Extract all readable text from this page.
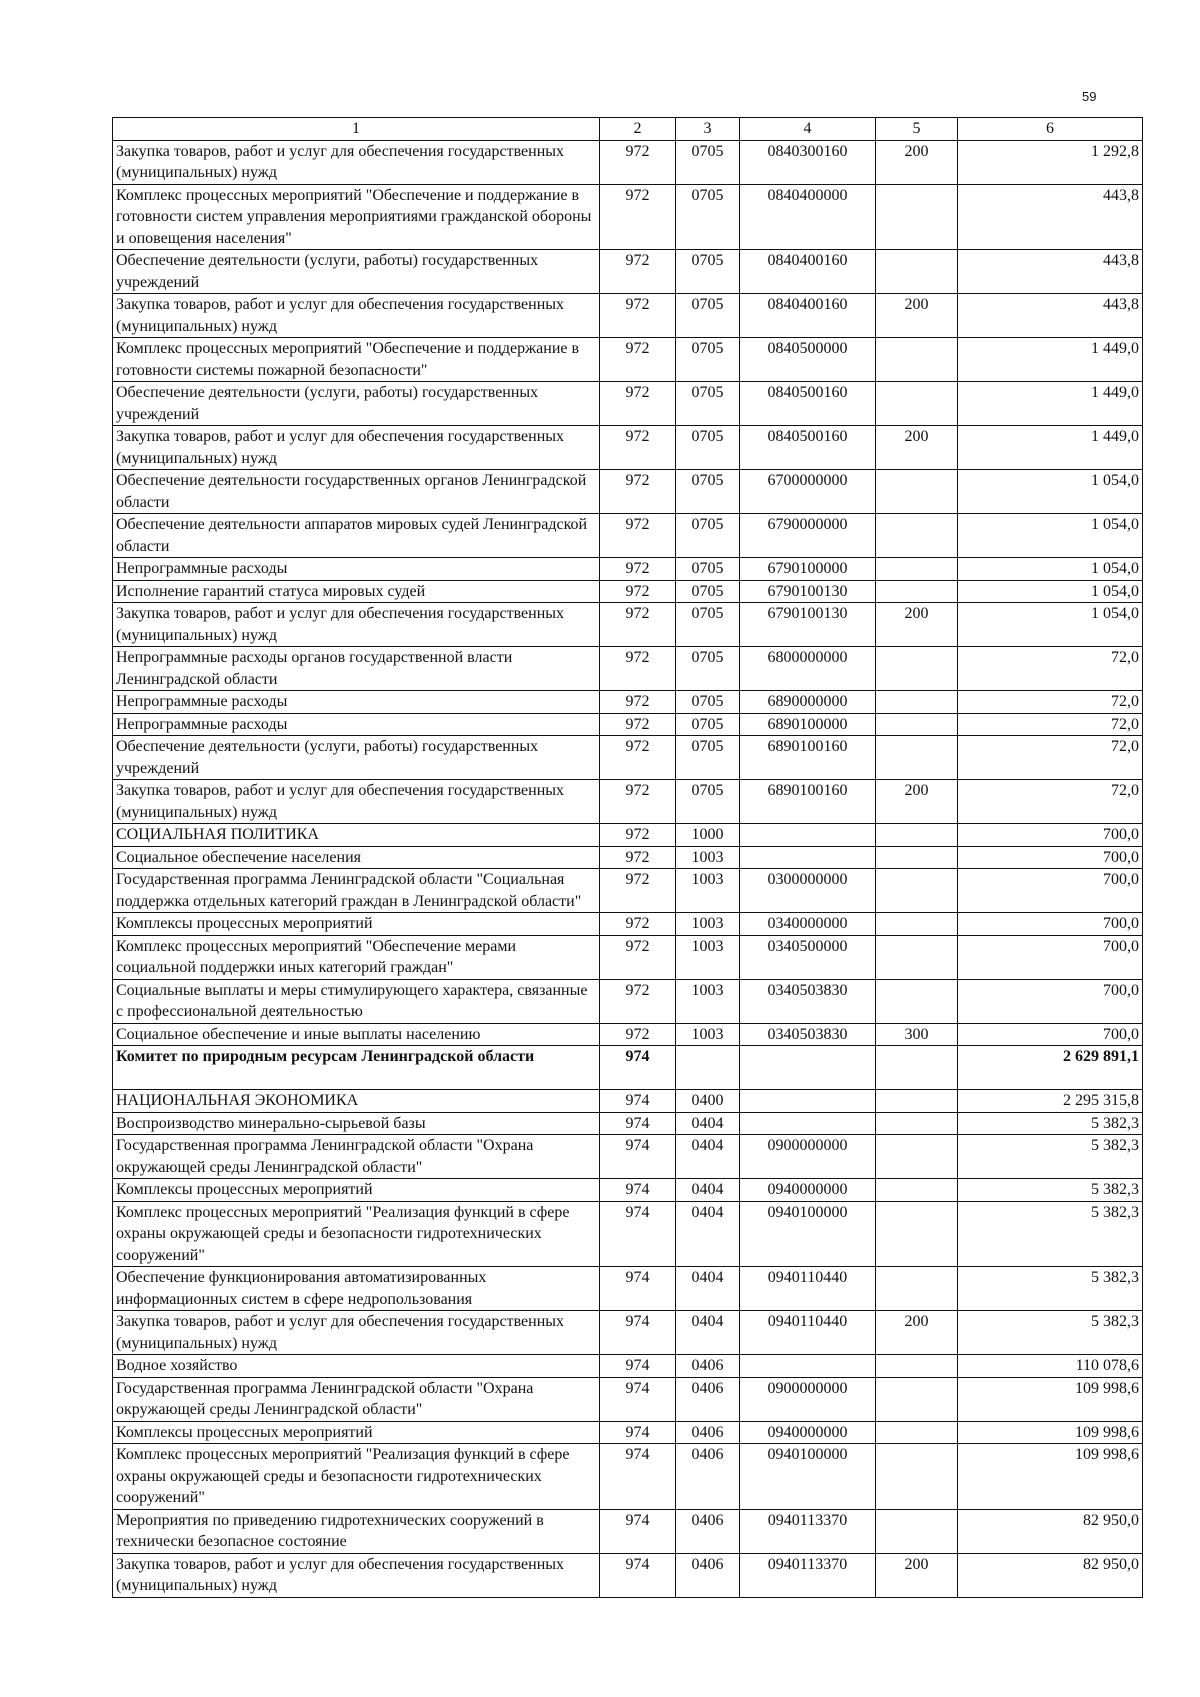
59
1	2	3	4	5	6
Закупка товаров, работ и услуг для обеспечения государственных (муниципальных) нужд	972	0705	0840300160	200	1 292,8
Комплекс процессных мероприятий "Обеспечение и поддержание в готовности систем управления мероприятиями гражданской обороны и оповещения населения"	972	0705	0840400000		443,8
Обеспечение деятельности (услуги, работы) государственных учреждений	972	0705	0840400160		443,8
Закупка товаров, работ и услуг для обеспечения государственных (муниципальных) нужд	972	0705	0840400160	200	443,8
Комплекс процессных мероприятий "Обеспечение и поддержание в готовности системы пожарной безопасности"	972	0705	0840500000		1 449,0
Обеспечение деятельности (услуги, работы) государственных учреждений	972	0705	0840500160		1 449,0
Закупка товаров, работ и услуг для обеспечения государственных (муниципальных) нужд	972	0705	0840500160	200	1 449,0
Обеспечение деятельности государственных органов Ленинградской области	972	0705	6700000000		1 054,0
Обеспечение деятельности аппаратов мировых судей Ленинградской области	972	0705	6790000000		1 054,0
Непрограммные расходы	972	0705	6790100000		1 054,0
Исполнение гарантий статуса мировых судей	972	0705	6790100130		1 054,0
Закупка товаров, работ и услуг для обеспечения государственных (муниципальных) нужд	972	0705	6790100130	200	1 054,0
Непрограммные расходы органов государственной власти Ленинградской области	972	0705	6800000000		72,0
Непрограммные расходы	972	0705	6890000000		72,0
Непрограммные расходы	972	0705	6890100000		72,0
Обеспечение деятельности (услуги, работы) государственных учреждений	972	0705	6890100160		72,0
Закупка товаров, работ и услуг для обеспечения государственных (муниципальных) нужд	972	0705	6890100160	200	72,0
СОЦИАЛЬНАЯ ПОЛИТИКА	972	1000			700,0
Социальное обеспечение населения	972	1003			700,0
Государственная программа Ленинградской области "Социальная поддержка отдельных категорий граждан в Ленинградской области"	972	1003	0300000000		700,0
Комплексы процессных мероприятий	972	1003	0340000000		700,0
Комплекс процессных мероприятий "Обеспечение мерами социальной поддержки иных категорий граждан"	972	1003	0340500000		700,0
Социальные выплаты и меры стимулирующего характера, связанные с профессиональной деятельностью	972	1003	0340503830		700,0
Социальное обеспечение и иные выплаты населению	972	1003	0340503830	300	700,0
Комитет по природным ресурсам Ленинградской области	974				2 629 891,1
НАЦИОНАЛЬНАЯ ЭКОНОМИКА	974	0400			2 295 315,8
Воспроизводство минерально-сырьевой базы	974	0404			5 382,3
Государственная программа Ленинградской области "Охрана окружающей среды Ленинградской области"	974	0404	0900000000		5 382,3
Комплексы процессных мероприятий	974	0404	0940000000		5 382,3
Комплекс процессных мероприятий "Реализация функций в сфере охраны окружающей среды и безопасности гидротехнических сооружений"	974	0404	0940100000		5 382,3
Обеспечение функционирования автоматизированных информационных систем в сфере недропользования	974	0404	0940110440		5 382,3
Закупка товаров, работ и услуг для обеспечения государственных (муниципальных) нужд	974	0404	0940110440	200	5 382,3
Водное хозяйство	974	0406			110 078,6
Государственная программа Ленинградской области "Охрана окружающей среды Ленинградской области"	974	0406	0900000000		109 998,6
Комплексы процессных мероприятий	974	0406	0940000000		109 998,6
Комплекс процессных мероприятий "Реализация функций в сфере охраны окружающей среды и безопасности гидротехнических сооружений"	974	0406	0940100000		109 998,6
Мероприятия по приведению гидротехнических сооружений в технически безопасное состояние	974	0406	0940113370		82 950,0
Закупка товаров, работ и услуг для обеспечения государственных (муниципальных) нужд	974	0406	0940113370	200	82 950,0
